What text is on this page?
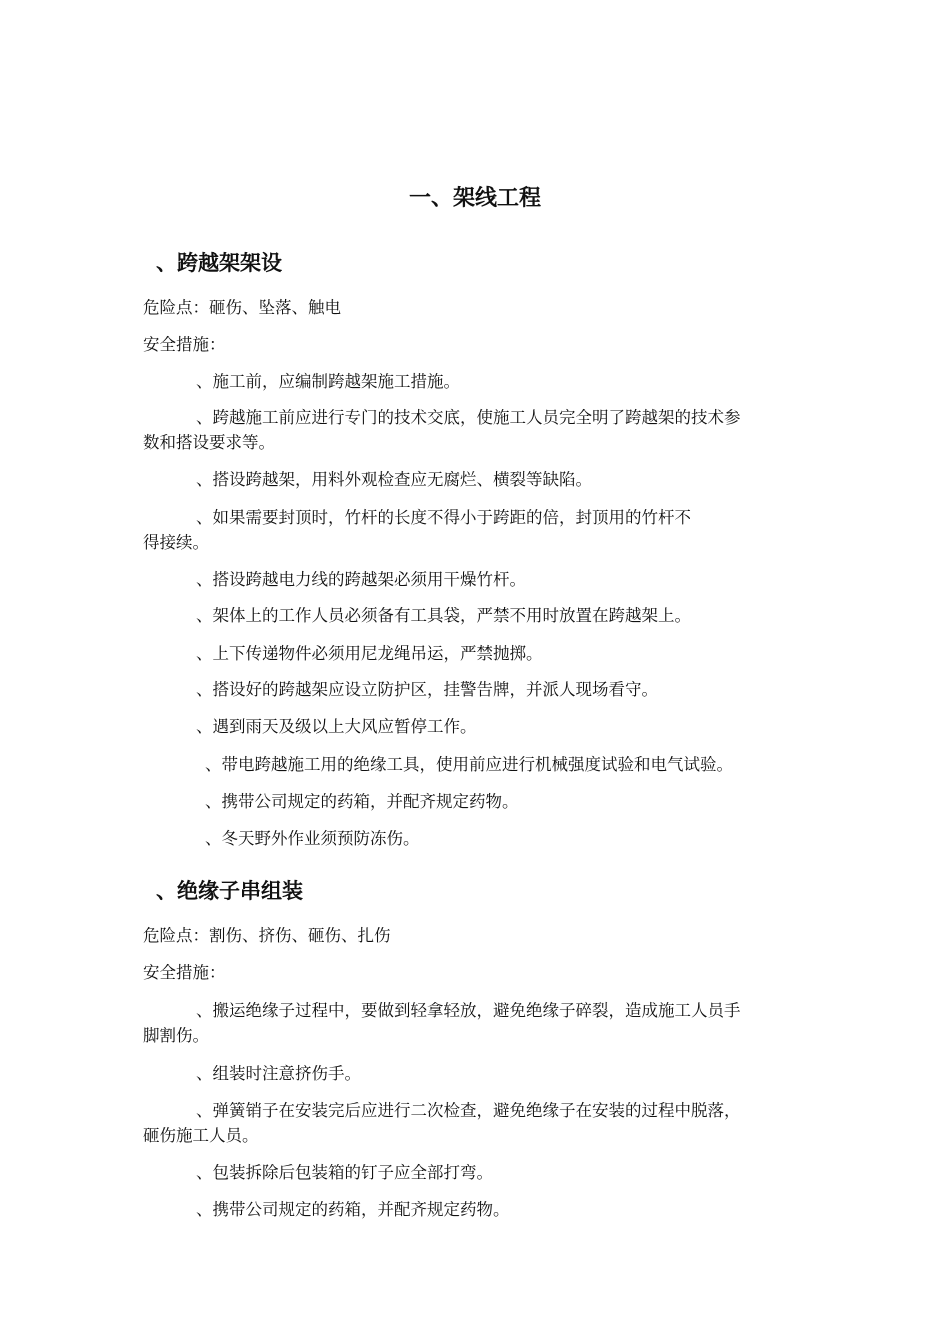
一、架线工程
、跨越架架设

危险点：砸伤、坠落、触电

安全措施：

、施工前，应编制跨越架施工措施。

、跨越施工前应进行专门的技术交底，使施工人员完全明了跨越架的技术参

数和搭设要求等。

、搭设跨越架，用料外观检查应无腐烂、横裂等缺陷。

、如果需要封顶时，竹杆的长度不得小于跨距的倍，封顶用的竹杆不

得接续。

、搭设跨越电力线的跨越架必须用干燥竹杆。

、架体上的工作人员必须备有工具袋，严禁不用时放置在跨越架上。

、上下传递物件必须用尼龙绳吊运，严禁抛掷。

、搭设好的跨越架应设立防护区，挂警告牌，并派人现场看守。

、遇到雨天及级以上大风应暂停工作。

、带电跨越施工用的绝缘工具，使用前应进行机械强度试验和电气试验。

、携带公司规定的药箱，并配齐规定药物。

、冬天野外作业须预防冻伤。

、绝缘子串组装

危险点：割伤、挤伤、砸伤、扎伤

安全措施：

、搬运绝缘子过程中，要做到轻拿轻放，避免绝缘子碎裂，造成施工人员手

脚割伤。

、组装时注意挤伤手。

、弹簧销子在安装完后应进行二次检查，避免绝缘子在安装的过程中脱落，

砸伤施工人员。

、包装拆除后包装箱的钉子应全部打弯。

、携带公司规定的药箱，并配齐规定药物。
